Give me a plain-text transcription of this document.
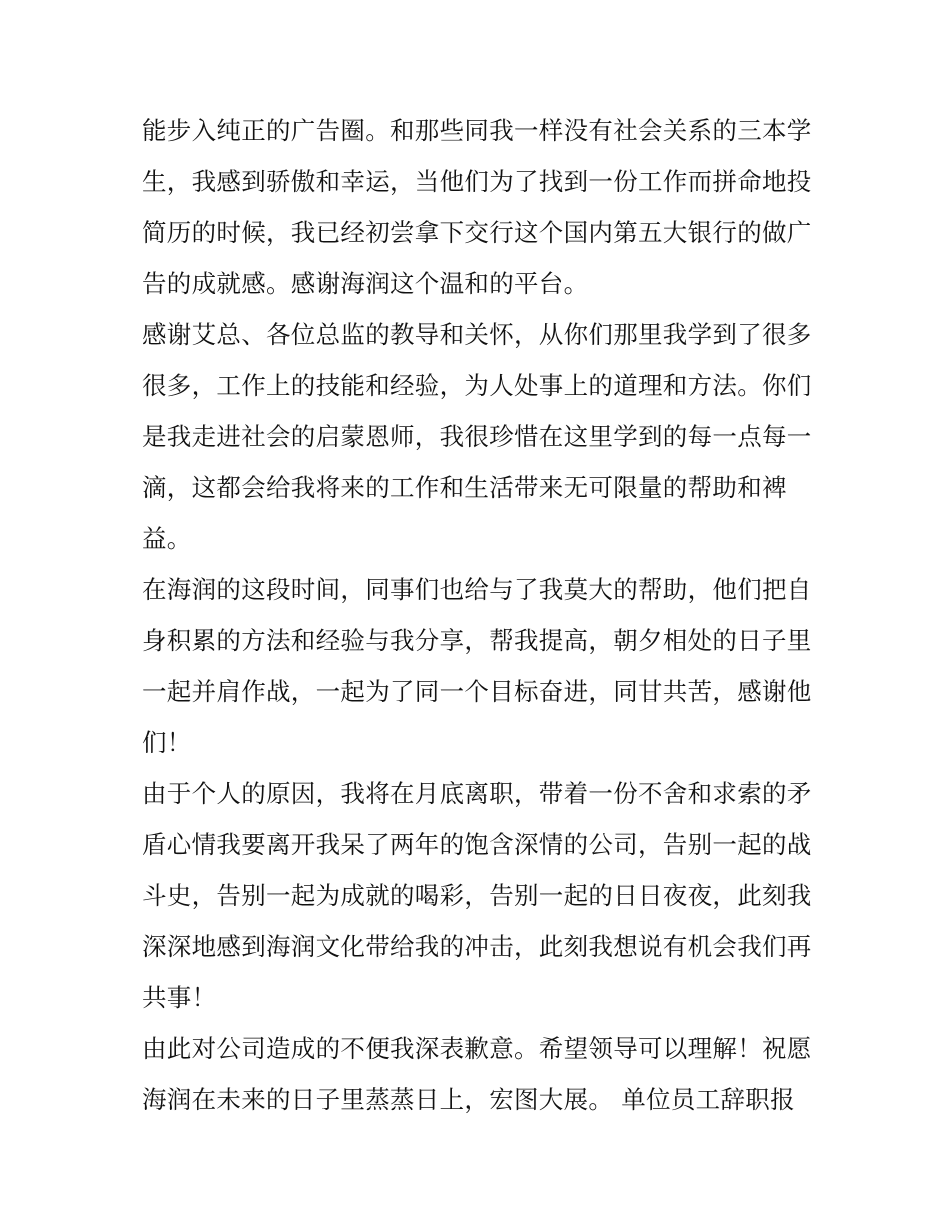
能步入纯正的广告圈。和那些同我一样没有社会关系的三本学
生，我感到骄傲和幸运，当他们为了找到一份工作而拼命地投
简历的时候，我已经初尝拿下交行这个国内第五大银行的做广
告的成就感。感谢海润这个温和的平台。
感谢艾总、各位总监的教导和关怀，从你们那里我学到了很多
很多，工作上的技能和经验，为人处事上的道理和方法。你们
是我走进社会的启蒙恩师，我很珍惜在这里学到的每一点每一
滴，这都会给我将来的工作和生活带来无可限量的帮助和裨
益。
在海润的这段时间，同事们也给与了我莫大的帮助，他们把自
身积累的方法和经验与我分享，帮我提高，朝夕相处的日子里
一起并肩作战，一起为了同一个目标奋进，同甘共苦，感谢他
们！
由于个人的原因，我将在月底离职，带着一份不舍和求索的矛
盾心情我要离开我呆了两年的饱含深情的公司，告别一起的战
斗史，告别一起为成就的喝彩，告别一起的日日夜夜，此刻我
深深地感到海润文化带给我的冲击，此刻我想说有机会我们再
共事！
由此对公司造成的不便我深表歉意。希望领导可以理解！祝愿
海润在未来的日子里蒸蒸日上，宏图大展。 单位员工辞职报
